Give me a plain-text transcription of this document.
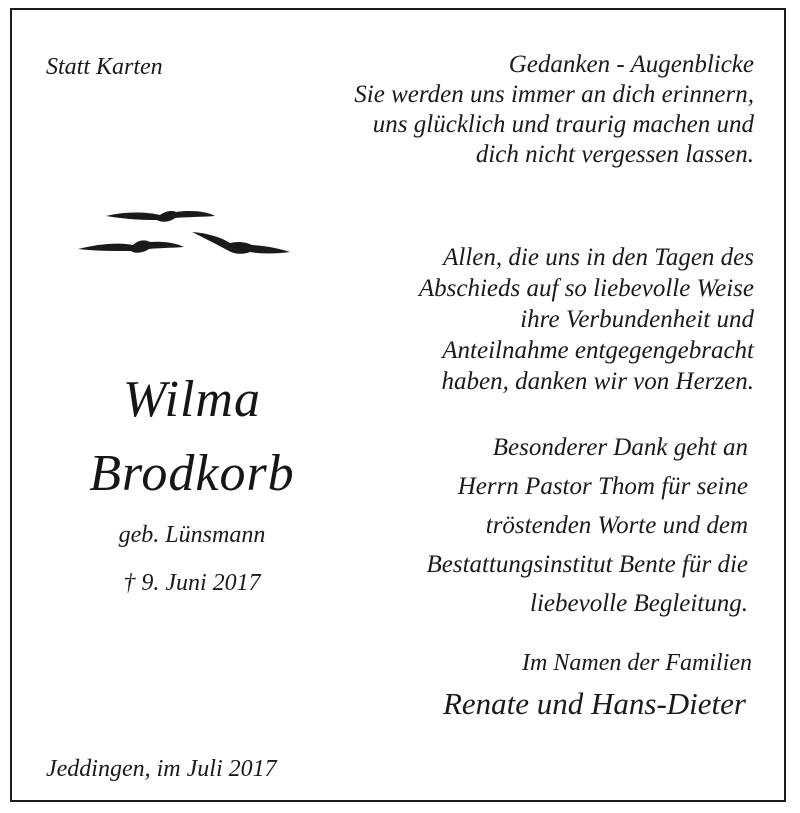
Statt Karten	Gedanken - Augenblicke
Sie werden uns immer an dich erinnern,
uns glücklich und traurig machen und
dich nicht vergessen lassen.
Allen, die uns in den Tagen des
Abschieds auf so liebevolle Weise
ihre Verbundenheit und
Anteilnahme entgegengebracht
haben, danken wir von Herzen.
Besonderer Dank geht an
Herrn Pastor Thom für seine
tröstenden Worte und dem
Bestattungsinstitut Bente für die
liebevolle Begleitung.
Wilma
Brodkorb

geb. Lünsmann

† 9. Juni 2017

Im Namen der Familien

Renate und Hans-Dieter

Jeddingen, im Juli 2017
